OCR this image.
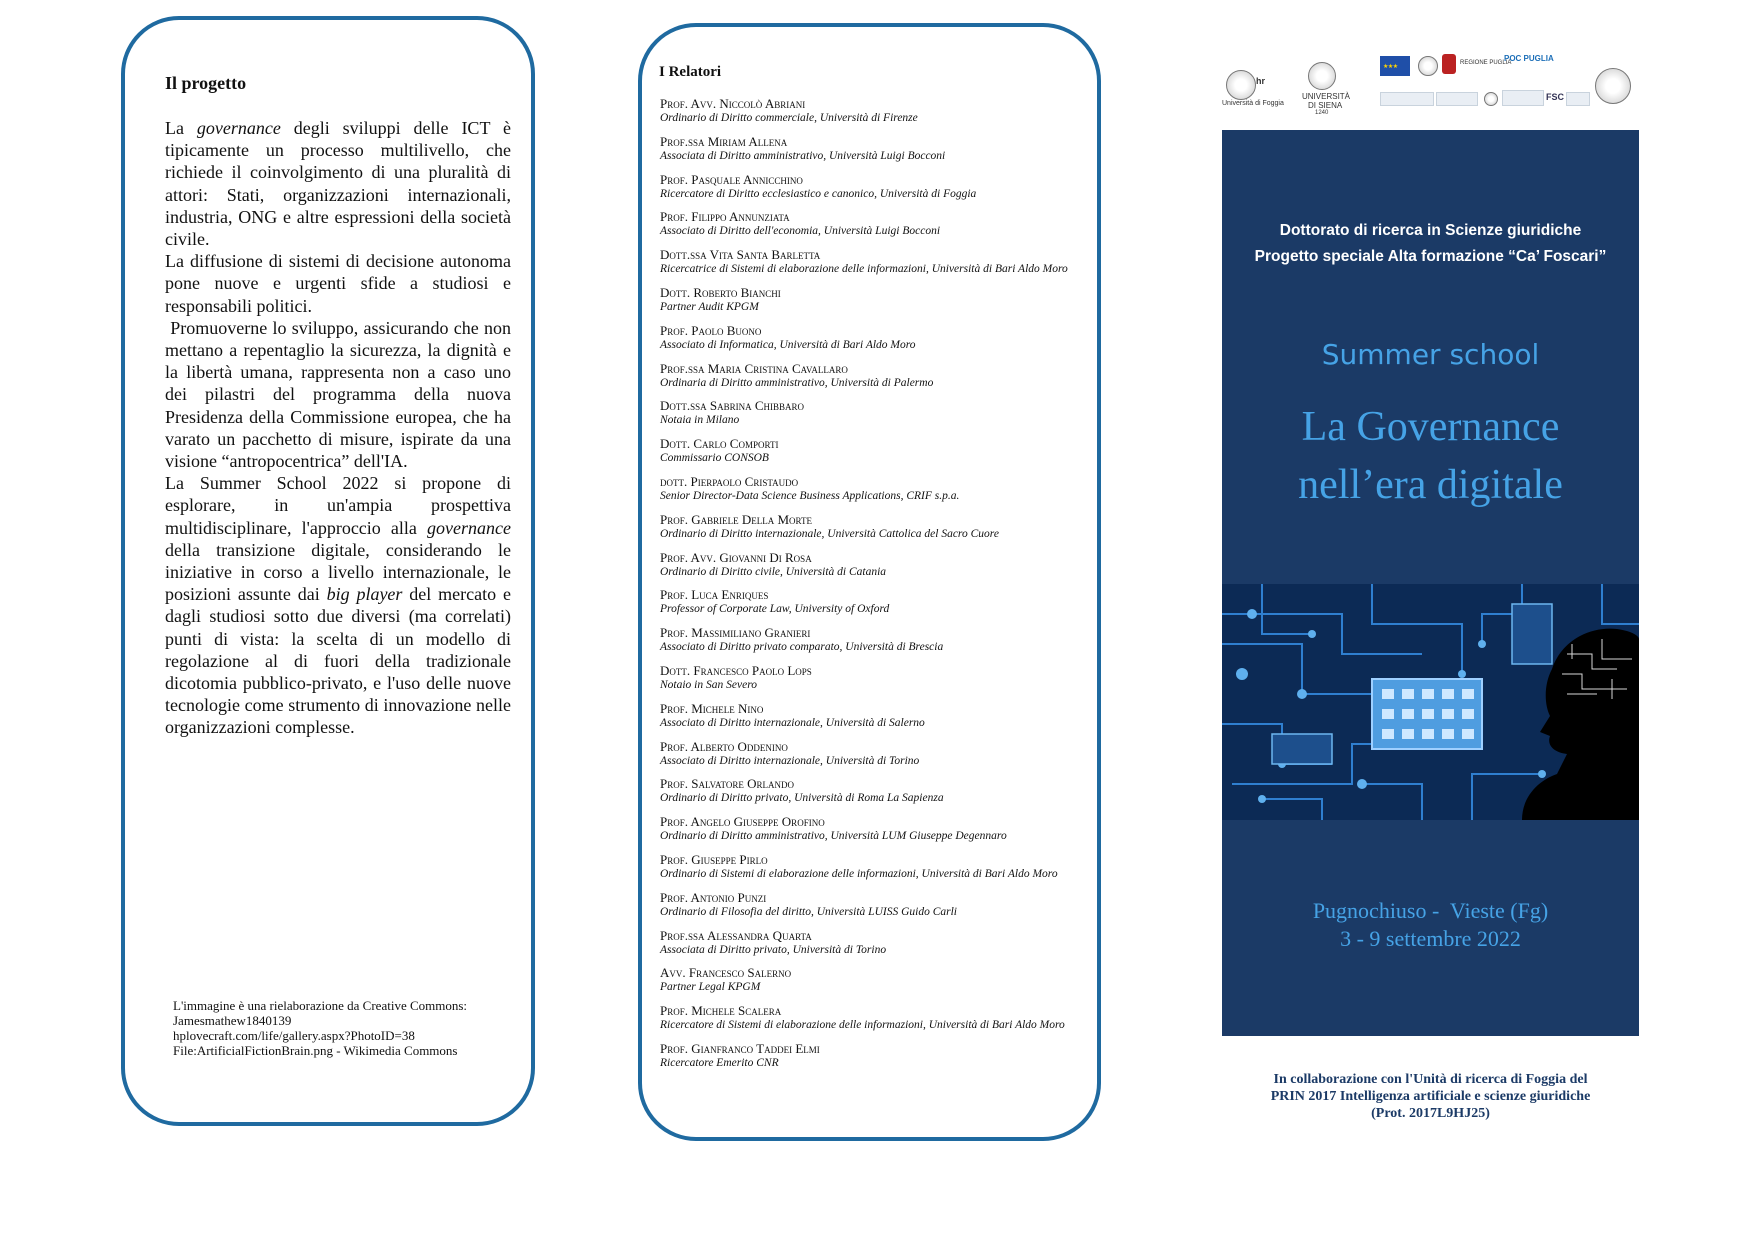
Il progetto

La governance degli sviluppi delle ICT è tipicamente un processo multilivello, che richiede il coinvolgimento di una pluralità di attori: Stati, organizzazioni internazionali, industria, ONG e altre espressioni della società civile.

La diffusione di sistemi di decisione autonoma pone nuove e urgenti sfide a studiosi e responsabili politici.

Promuoverne lo sviluppo, assicurando che non mettano a repentaglio la sicurezza, la dignità e la libertà umana, rappresenta non a caso uno dei pilastri del programma della nuova Presidenza della Commissione europea, che ha varato un pacchetto di misure, ispirate da una visione “antropocentrica” dell'IA.

La Summer School 2022 si propone di esplorare, in un'ampia prospettiva multidisciplinare, l'approccio alla governance della transizione digitale, considerando le iniziative in corso a livello internazionale, le posizioni assunte dai big player del mercato e dagli studiosi sotto due diversi (ma correlati) punti di vista: la scelta di un modello di regolazione al di fuori della tradizionale dicotomia pubblico-privato, e l'uso delle nuove tecnologie come strumento di innovazione nelle organizzazioni complesse.

L'immagine è una rielaborazione da Creative Commons:
Jamesmathew1840139
hplovecraft.com/life/gallery.aspx?PhotoID=38
File:ArtificialFictionBrain.png - Wikimedia Commons
I Relatori
Prof. Avv. Niccolò Abriani
Ordinario di Diritto commerciale, Università di Firenze
Prof.ssa Miriam Allena
Associata di Diritto amministrativo, Università Luigi Bocconi
Prof. Pasquale Annicchino
Ricercatore di Diritto ecclesiastico e canonico, Università di Foggia
Prof. Filippo Annunziata
Associato di Diritto dell'economia, Università Luigi Bocconi
Dott.ssa Vita Santa Barletta
Ricercatrice di Sistemi di elaborazione delle informazioni, Università di Bari Aldo Moro
Dott. Roberto Bianchi
Partner Audit KPGM
Prof. Paolo Buono
Associato di Informatica, Università di Bari Aldo Moro
Prof.ssa Maria Cristina Cavallaro
Ordinaria di Diritto amministrativo, Università di Palermo
Dott.ssa Sabrina Chibbaro
Notaia in Milano
Dott. Carlo Comporti
Commissario CONSOB
dott. Pierpaolo Cristaudo
Senior Director-Data Science Business Applications, CRIF s.p.a.
Prof. Gabriele Della Morte
Ordinario di Diritto internazionale, Università Cattolica del Sacro Cuore
Prof. Avv. Giovanni Di Rosa
Ordinario di Diritto civile, Università di Catania
Prof. Luca Enriques
Professor of Corporate Law, University of Oxford
Prof. Massimiliano Granieri
Associato di Diritto privato comparato, Università di Brescia
Dott. Francesco Paolo Lops
Notaio in San Severo
Prof. Michele Nino
Associato di Diritto internazionale, Università di Salerno
Prof. Alberto Oddenino
Associato di Diritto internazionale, Università di Torino
Prof. Salvatore Orlando
Ordinario di Diritto privato, Università di Roma La Sapienza
Prof. Angelo Giuseppe Orofino
Ordinario di Diritto amministrativo, Università LUM Giuseppe Degennaro
Prof. Giuseppe Pirlo
Ordinario di Sistemi di elaborazione delle informazioni, Università di Bari Aldo Moro
Prof. Antonio Punzi
Ordinario di Filosofia del diritto, Università LUISS Guido Carli
Prof.ssa Alessandra Quarta
Associata di Diritto privato, Università di Torino
Avv. Francesco Salerno
Partner Legal KPGM
Prof. Michele Scalera
Ricercatore di Sistemi di elaborazione delle informazioni, Università di Bari Aldo Moro
Prof. Gianfranco Taddei Elmi
Ricercatore Emerito CNR
hr
Università di Foggia
UNIVERSITÀ
DI SIENA
1240
★ ★ ★
REGIONE PUGLIA
POC PUGLIA
FSC
Dottorato di ricerca in Scienze giuridiche
Progetto speciale Alta formazione “Ca’ Foscari”
Summer school
La Governance
nell’era digitale
Pugnochiuso -  Vieste (Fg)
3 - 9 settembre 2022
In collaborazione con l'Unità di ricerca di Foggia del
PRIN 2017 Intelligenza artificiale e scienze giuridiche
(Prot. 2017L9HJ25)
